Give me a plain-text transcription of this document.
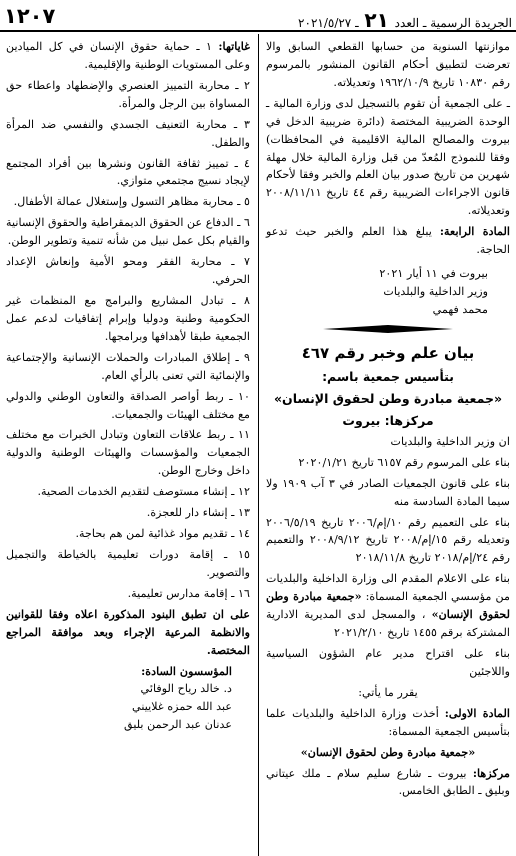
١٢٠٧	الجريدة الرسمية ـ العدد ٢١ ـ ٢٠٢١/٥/٢٧

موازنتها السنوية من حسابها القطعي السابق والا تعرضت لتطبيق أحكام القانون المنشور بالمرسوم رقم ١٠٨٣٠ تاريخ ١٩٦٢/١٠/٩ وتعديلاته.

ـ على الجمعية أن تقوم بالتسجيل لدى وزارة المالية ـ الوحدة الضريبية المختصة (دائرة ضريبية الدخل في بيروت والمصالح المالية الاقليمية في المحافظات) وفقا للنموذج المُعدّ من قبل وزارة المالية خلال مهلة شهرين من تاريخ صدور بيان العلم والخبر وفقا لأحكام قانون الاجراءات الضريبية رقم ٤٤ تاريخ ٢٠٠٨/١١/١١ وتعديلاته.

المادة الرابعة: يبلغ هذا العلم والخبر حيث تدعو الحاجة.

بيروت في ١١ أيار ٢٠٢١
وزير الداخلية والبلديات
محمد فهمي
بيان علم وخبر رقم ٤٦٧
بتأسيس جمعية باسم:
«جمعية مبادرة وطن لحقوق الإنسان»
مركزها: بيروت

ان وزير الداخلية والبلديات

بناء على المرسوم رقم ٦١٥٧ تاريخ ٢٠٢٠/١/٢١

بناء على قانون الجمعيات الصادر في ٣ آب ١٩٠٩ ولا سيما المادة السادسة منه

بناء على التعميم رقم ١٠/إم/٢٠٠٦ تاريخ ٢٠٠٦/٥/١٩ وتعديله رقم ١٥/إم/٢٠٠٨ تاريخ ٢٠٠٨/٩/١٢ والتعميم رقم ٢٤/إم/٢٠١٨ تاريخ ٢٠١٨/١١/٨

بناء على الاعلام المقدم الى وزارة الداخلية والبلديات من مؤسسي الجمعية المسماة: «جمعية مبادرة وطن لحقوق الإنسان» ، والمسجل لدى المديرية الادارية المشتركة برقم ١٤٥٥ تاريخ ٢٠٢١/٢/١٠

بناء على اقتراح مدير عام الشؤون السياسية واللاجئين

يقرر ما يأتي:

المادة الاولى: أخذت وزارة الداخلية والبلديات علما بتأسيس الجمعية المسماة:

«جمعية مبادرة وطن لحقوق الإنسان»

مركزها: بيروت ـ شارع سليم سلام ـ ملك عيتاني وبليق ـ الطابق الخامس.

غاياتها: ١ ـ حماية حقوق الإنسان في كل الميادين وعلى المستويات الوطنية والإقليمية.

٢ ـ محاربة التمييز العنصري والإضطهاد واعطاء حق المساواة بين الرجل والمرأة.

٣ ـ محاربة التعنيف الجسدي والنفسي ضد المرأة والطفل.

٤ ـ تمييز ثقافة القانون ونشرها بين أفراد المجتمع لإيجاد نسيج مجتمعي متوازي.

٥ ـ محاربة مظاهر التسول وإستغلال عمالة الأطفال.

٦ ـ الدفاع عن الحقوق الديمقراطية والحقوق الإنسانية والقيام بكل عمل نبيل من شأنه تنمية وتطوير الوطن.

٧ ـ محاربة الفقر ومحو الأمية وإنعاش الإعداد الحرفي.

٨ ـ تبادل المشاريع والبرامج مع المنظمات غير الحكومية وطنية ودوليا وإبرام إتفاقيات لدعم عمل الجمعية طبقا لأهدافها وبرامجها.

٩ ـ إطلاق المبادرات والحملات الإنسانية والإجتماعية والإنمائية التي تعنى بالرأي العام.

١٠ ـ ربط أواصر الصداقة والتعاون الوطني والدولي مع مختلف الهيئات والجمعيات.

١١ ـ ربط علاقات التعاون وتبادل الخبرات مع مختلف الجمعيات والمؤسسات والهيئات الوطنية والدولية داخل وخارج الوطن.

١٢ ـ إنشاء مستوصف لتقديم الخدمات الصحية.

١٣ ـ إنشاء دار للعجزة.

١٤ ـ تقديم مواد غذائية لمن هم بحاجة.

١٥ ـ إقامة دورات تعليمية بالخياطة والتجميل والتصوير.

١٦ ـ إقامة مدارس تعليمية.

على ان تطبق البنود المذكورة اعلاه وفقا للقوانين والانظمة المرعية الإجراء وبعد موافقة المراجع المختصة.

المؤسسون السادة:
د. خالد رياح الوفائي
عبد الله حمزه غلاييني
عدنان عبد الرحمن بليق
